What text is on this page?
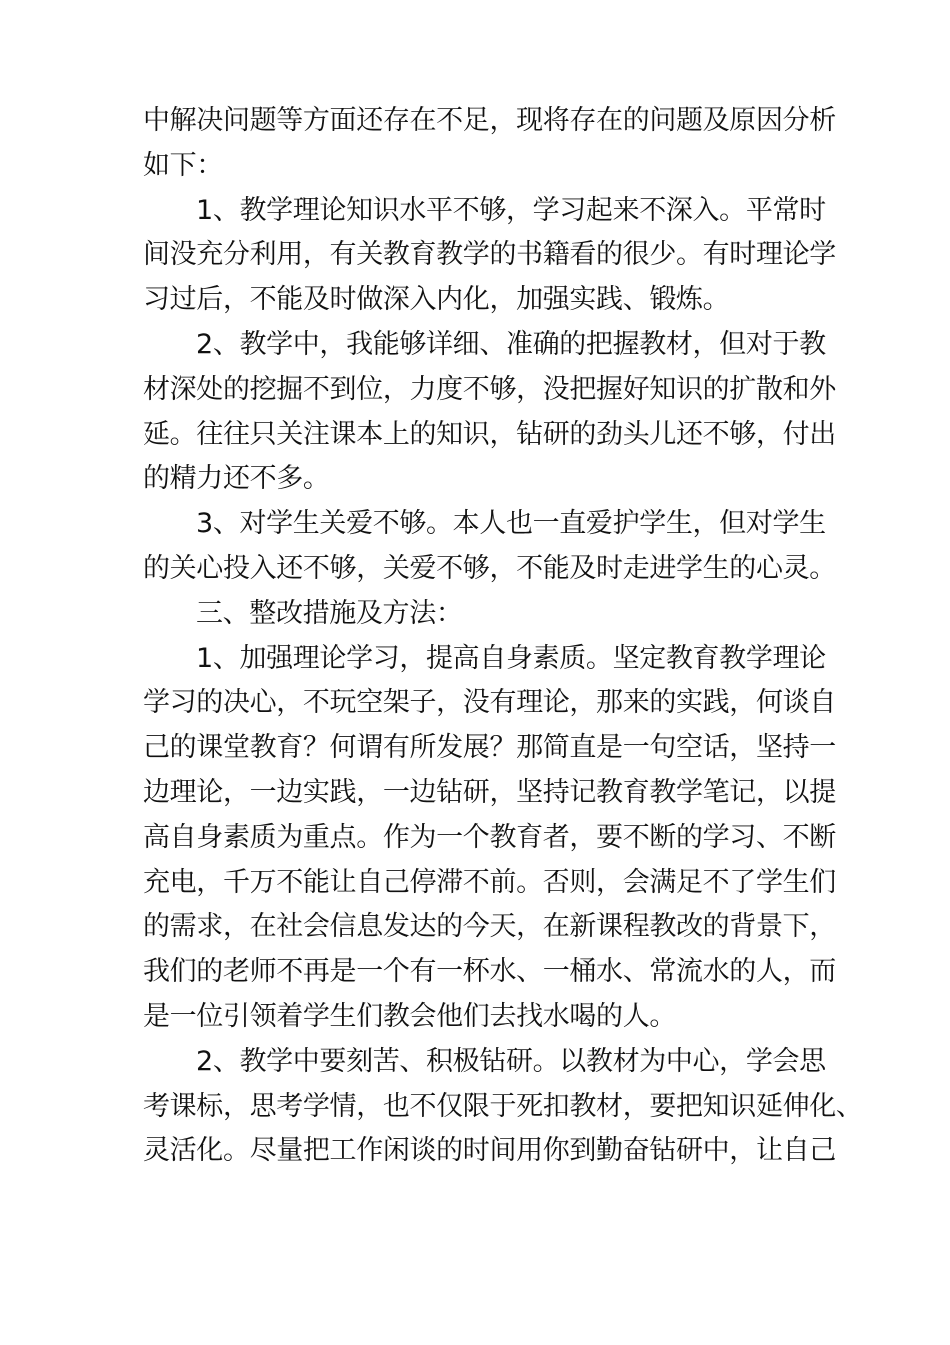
中解决问题等方面还存在不足，现将存在的问题及原因分析
如下：
1、教学理论知识水平不够，学习起来不深入。平常时
间没充分利用，有关教育教学的书籍看的很少。有时理论学
习过后，不能及时做深入内化，加强实践、锻炼。
2、教学中，我能够详细、准确的把握教材，但对于教
材深处的挖掘不到位，力度不够，没把握好知识的扩散和外
延。往往只关注课本上的知识，钻研的劲头儿还不够，付出
的精力还不多。
3、对学生关爱不够。本人也一直爱护学生，但对学生
的关心投入还不够，关爱不够，不能及时走进学生的心灵。
三、整改措施及方法：
1、加强理论学习，提高自身素质。坚定教育教学理论
学习的决心，不玩空架子，没有理论，那来的实践，何谈自
己的课堂教育？何谓有所发展？那简直是一句空话，坚持一
边理论，一边实践，一边钻研，坚持记教育教学笔记，以提
高自身素质为重点。作为一个教育者，要不断的学习、不断
充电，千万不能让自己停滞不前。否则，会满足不了学生们
的需求，在社会信息发达的今天，在新课程教改的背景下，
我们的老师不再是一个有一杯水、一桶水、常流水的人，而
是一位引领着学生们教会他们去找水喝的人。
2、教学中要刻苦、积极钻研。以教材为中心，学会思
考课标，思考学情，也不仅限于死扣教材，要把知识延伸化、
灵活化。尽量把工作闲谈的时间用你到勤奋钻研中，让自己
